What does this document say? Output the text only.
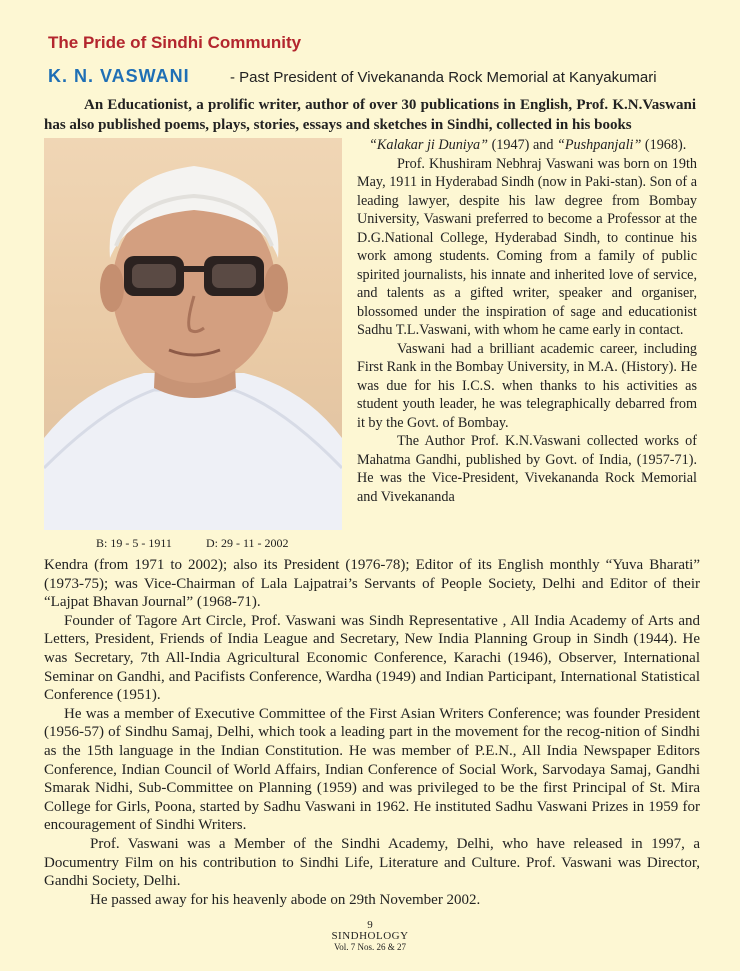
The Pride of Sindhi Community
K. N. VASWANI	- Past President of Vivekananda Rock Memorial at Kanyakumari

An Educationist, a prolific writer, author of over 30 publications in English, Prof. K.N.Vaswani has also published poems, plays, stories, essays and sketches in Sindhi, collected in his books

B: 19 - 5 - 1911	D: 29 - 11 - 2002

“Kalakar ji Duniya” (1947) and “Pushpanjali” (1968).

Prof. Khushiram Nebhraj Vaswani was born on 19th May, 1911 in Hyderabad Sindh (now in Paki-stan). Son of a leading lawyer, despite his law degree from Bombay University, Vaswani preferred to become a Professor at the D.G.National College, Hyderabad Sindh, to continue his work among students. Coming from a family of public spirited journalists, his innate and inherited love of service, and talents as a gifted writer, speaker and organiser, blossomed under the inspiration of sage and educationist Sadhu T.L.Vaswani, with whom he came early in contact.

Vaswani had a brilliant academic career, including First Rank in the Bombay University, in M.A. (History). He was due for his I.C.S. when thanks to his activities as student youth leader, he was telegraphically debarred from it by the Govt. of Bombay.

The Author Prof. K.N.Vaswani collected works of Mahatma Gandhi, published by Govt. of India, (1957-71). He was the Vice-President, Vivekananda Rock Memorial and Vivekananda

Kendra (from 1971 to 2002); also its President (1976-78); Editor of its English monthly “Yuva Bharati” (1973-75); was Vice-Chairman of Lala Lajpatrai’s Servants of People Society, Delhi and Editor of their “Lajpat Bhavan Journal” (1968-71).

Founder of Tagore Art Circle, Prof. Vaswani was Sindh Representative , All India Academy of Arts and Letters, President, Friends of India League and Secretary, New India Planning Group in Sindh (1944). He was Secretary, 7th All-India Agricultural Economic Conference, Karachi (1946), Observer, International Seminar on Gandhi, and Pacifists Conference, Wardha (1949) and Indian Participant, International Statistical Conference (1951).

He was a member of Executive Committee of the First Asian Writers Conference; was founder President (1956-57) of Sindhu Samaj, Delhi, which took a leading part in the movement for the recog-nition of Sindhi as the 15th language in the Indian Constitution. He was member of P.E.N., All India Newspaper Editors Conference, Indian Council of World Affairs, Indian Conference of Social Work, Sarvodaya Samaj, Gandhi Smarak Nidhi, Sub-Committee on Planning (1959) and was privileged to be the first Principal of St. Mira College for Girls, Poona, started by Sadhu Vaswani in 1962. He instituted Sadhu Vaswani Prizes in 1959 for encouragement of Sindhi Writers.

Prof. Vaswani was a Member of the Sindhi Academy, Delhi, who have released in 1997, a Documentry Film on his contribution to Sindhi Life, Literature and Culture. Prof. Vaswani was Director, Gandhi Society, Delhi.

He passed away for his heavenly abode on 29th November 2002.

9
SINDHOLOGY
Vol. 7 Nos. 26 & 27
